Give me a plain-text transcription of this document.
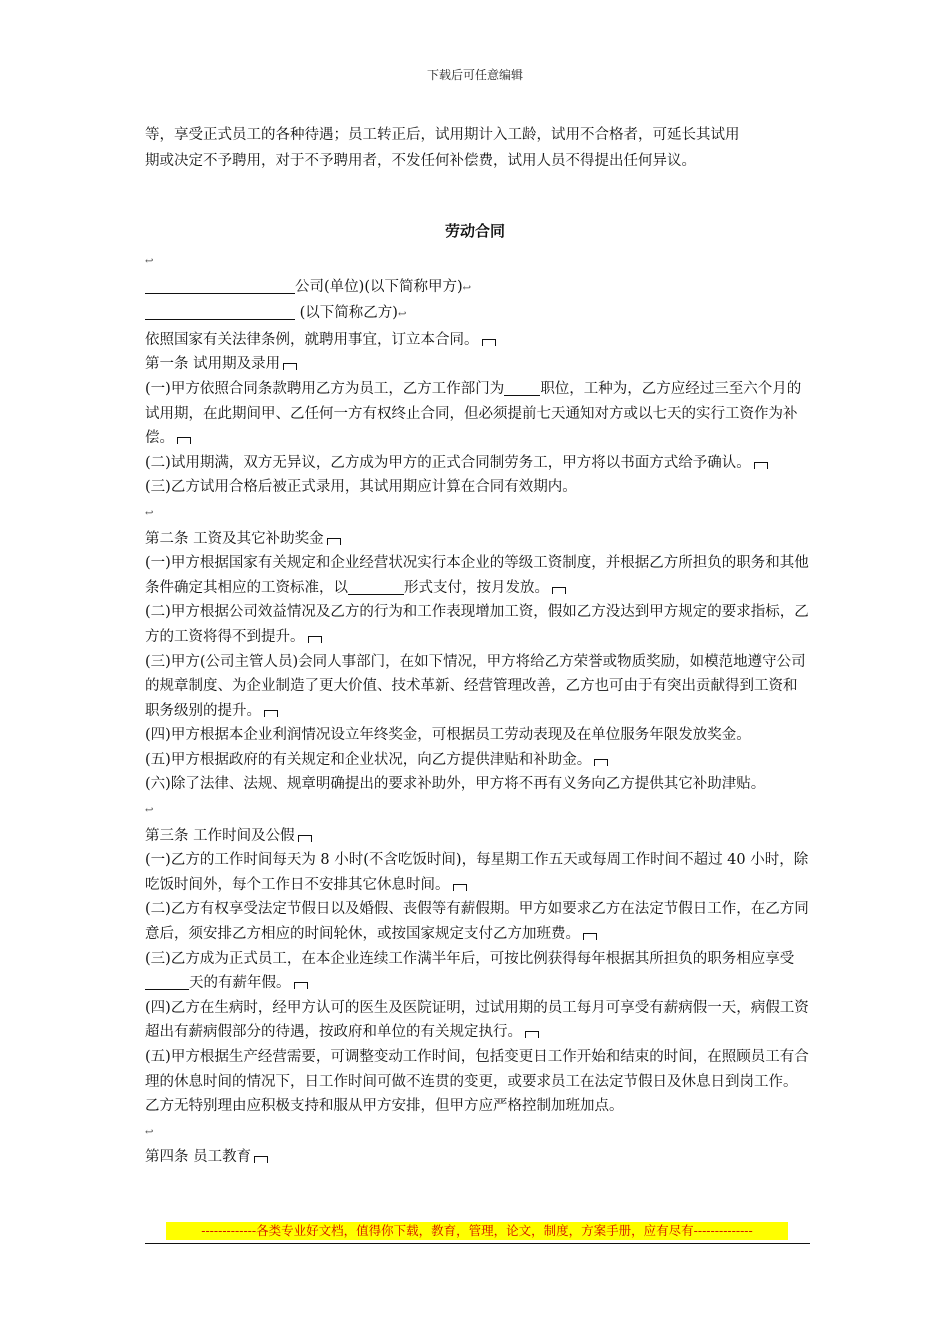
下载后可任意编辑
等，享受正式员工的各种待遇；员工转正后，试用期计入工龄，试用不合格者，可延长其试用
期或决定不予聘用，对于不予聘用者，不发任何补偿费，试用人员不得提出任何异议。
劳动合同

↩

公司(单位)(以下简称甲方)↩

(以下简称乙方)↩

依照国家有关法律条例，就聘用事宜，订立本合同。

第一条 试用期及录用

(一)甲方依照合同条款聘用乙方为员工，乙方工作部门为 职位，工种为，乙方应经过三至六个月的试用期，在此期间甲、乙任何一方有权终止合同，但必须提前七天通知对方或以七天的实行工资作为补偿。

(二)试用期满，双方无异议，乙方成为甲方的正式合同制劳务工，甲方将以书面方式给予确认。

(三)乙方试用合格后被正式录用，其试用期应计算在合同有效期内。

↩

第二条 工资及其它补助奖金

(一)甲方根据国家有关规定和企业经营状况实行本企业的等级工资制度，并根据乙方所担负的职务和其他条件确定其相应的工资标准，以	形式支付，按月发放。

(二)甲方根据公司效益情况及乙方的行为和工作表现增加工资，假如乙方没达到甲方规定的要求指标，乙方的工资将得不到提升。

(三)甲方(公司主管人员)会同人事部门，在如下情况，甲方将给乙方荣誉或物质奖励，如模范地遵守公司的规章制度、为企业制造了更大价值、技术革新、经营管理改善，乙方也可由于有突出贡献得到工资和职务级别的提升。

(四)甲方根据本企业利润情况设立年终奖金，可根据员工劳动表现及在单位服务年限发放奖金。

(五)甲方根据政府的有关规定和企业状况，向乙方提供津贴和补助金。

(六)除了法律、法规、规章明确提出的要求补助外，甲方将不再有义务向乙方提供其它补助津贴。

↩

第三条 工作时间及公假

(一)乙方的工作时间每天为 8 小时(不含吃饭时间)，每星期工作五天或每周工作时间不超过 40 小时，除吃饭时间外，每个工作日不安排其它休息时间。

(二)乙方有权享受法定节假日以及婚假、丧假等有薪假期。甲方如要求乙方在法定节假日工作，在乙方同意后，须安排乙方相应的时间轮休，或按国家规定支付乙方加班费。

(三)乙方成为正式员工，在本企业连续工作满半年后，可按比例获得每年根据其所担负的职务相应享受天的有薪年假。

(四)乙方在生病时，经甲方认可的医生及医院证明，过试用期的员工每月可享受有薪病假一天，病假工资超出有薪病假部分的待遇，按政府和单位的有关规定执行。

(五)甲方根据生产经营需要，可调整变动工作时间，包括变更日工作开始和结束的时间，在照顾员工有合理的休息时间的情况下，日工作时间可做不连贯的变更，或要求员工在法定节假日及休息日到岗工作。乙方无特别理由应积极支持和服从甲方安排，但甲方应严格控制加班加点。

↩

第四条 员工教育

-------------各类专业好文档，值得你下载，教育，管理，论文，制度，方案手册，应有尽有--------------
